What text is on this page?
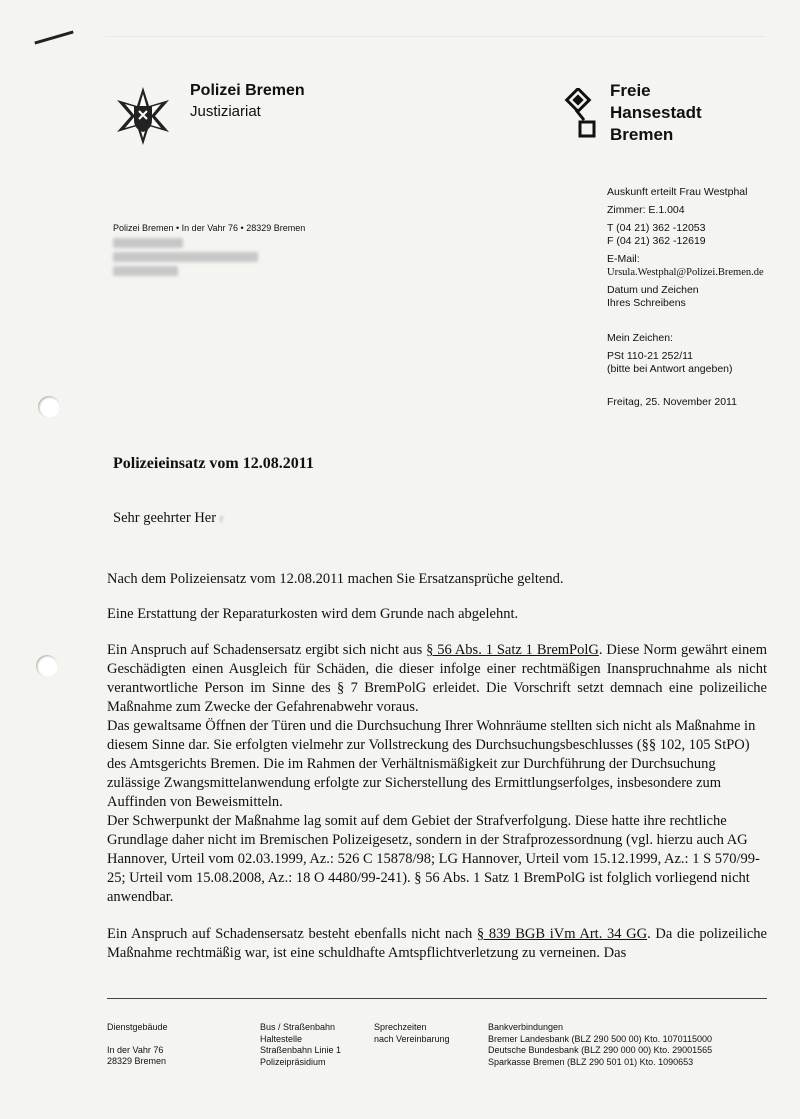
Polizei Bremen
Justiziariat
Freie
Hansestadt
Bremen
Auskunft erteilt Frau Westphal
Zimmer: E.1.004
T (04 21) 362 -12053
F (04 21) 362 -12619
E-Mail:
Ursula.Westphal@Polizei.Bremen.de
Datum und Zeichen
Ihres Schreibens
Mein Zeichen:
PSt 110-21 252/11
(bitte bei Antwort angeben)
Freitag, 25. November 2011
Polizei Bremen • In der Vahr 76 • 28329 Bremen
Polizeieinsatz vom 12.08.2011
Sehr geehrter Her r
Nach dem Polizeiensatz vom 12.08.2011 machen Sie Ersatzansprüche geltend.
Eine Erstattung der Reparaturkosten wird dem Grunde nach abgelehnt.
Ein Anspruch auf Schadensersatz ergibt sich nicht aus § 56 Abs. 1 Satz 1 BremPolG. Diese Norm gewährt einem Geschädigten einen Ausgleich für Schäden, die dieser infolge einer rechtmäßigen Inanspruchnahme als nicht verantwortliche Person im Sinne des § 7 BremPolG erleidet. Die Vorschrift setzt demnach eine polizeiliche Maßnahme zum Zwecke der Gefahrenabwehr voraus.
Das gewaltsame Öffnen der Türen und die Durchsuchung Ihrer Wohnräume stellten sich nicht als Maßnahme in diesem Sinne dar. Sie erfolgten vielmehr zur Vollstreckung des Durchsuchungsbeschlusses (§§ 102, 105 StPO) des Amtsgerichts Bremen. Die im Rahmen der Verhältnismäßigkeit zur Durchführung der Durchsuchung zulässige Zwangsmittelanwendung erfolgte zur Sicherstellung des Ermittlungserfolges, insbesondere zum Auffinden von Beweismitteln.
Der Schwerpunkt der Maßnahme lag somit auf dem Gebiet der Strafverfolgung. Diese hatte ihre rechtliche Grundlage daher nicht im Bremischen Polizeigesetz, sondern in der Strafprozessordnung (vgl. hierzu auch AG Hannover, Urteil vom 02.03.1999, Az.: 526 C 15878/98; LG Hannover, Urteil vom 15.12.1999, Az.: 1 S 570/99-25; Urteil vom 15.08.2008, Az.: 18 O 4480/99-241). § 56 Abs. 1 Satz 1 BremPolG ist folglich vorliegend nicht anwendbar.
Ein Anspruch auf Schadensersatz besteht ebenfalls nicht nach § 839 BGB iVm Art. 34 GG. Da die polizeiliche Maßnahme rechtmäßig war, ist eine schuldhafte Amtspflichtverletzung zu verneinen. Das
Dienstgebäude
In der Vahr 76
28329 Bremen
Bus / Straßenbahn
Haltestelle
Straßenbahn Linie 1
Polizeipräsidium
Sprechzeiten
nach Vereinbarung
Bankverbindungen
Bremer Landesbank (BLZ 290 500 00) Kto. 1070115000
Deutsche Bundesbank (BLZ 290 000 00) Kto. 29001565
Sparkasse Bremen (BLZ 290 501 01) Kto. 1090653
